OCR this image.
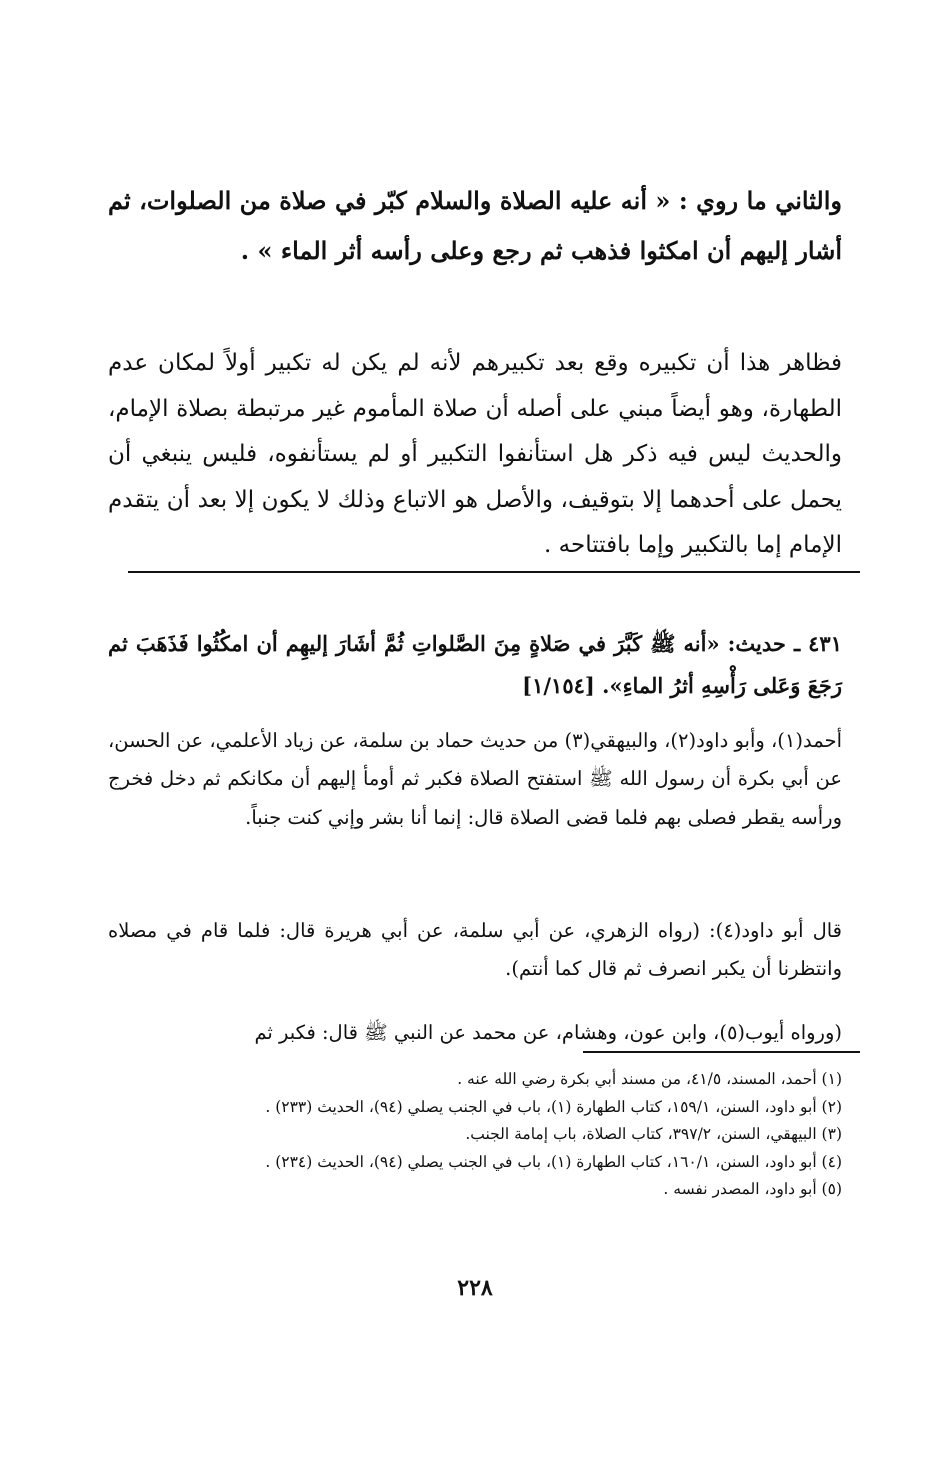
والثاني ما روي : « أنه عليه الصلاة والسلام كبّر في صلاة من الصلوات، ثم أشار إليهم أن امكثوا فذهب ثم رجع وعلى رأسه أثر الماء » .

فظاهر هذا أن تكبيره وقع بعد تكبيرهم لأنه لم يكن له تكبير أولاً لمكان عدم الطهارة، وهو أيضاً مبني على أصله أن صلاة المأموم غير مرتبطة بصلاة الإمام، والحديث ليس فيه ذكر هل استأنفوا التكبير أو لم يستأنفوه، فليس ينبغي أن يحمل على أحدهما إلا بتوقيف، والأصل هو الاتباع وذلك لا يكون إلا بعد أن يتقدم الإمام إما بالتكبير وإما بافتتاحه .

٤٣١ ـ حديث: «أنه ﷺ كَبَّرَ في صَلاةٍ مِنَ الصَّلواتِ ثُمَّ أشَارَ إليهِم أن امكُثُوا فَذَهَبَ ثم رَجَعَ وَعَلى رَأْسِهِ أثرُ الماءِ». [١/١٥٤]

أحمد(١)، وأبو داود(٢)، والبيهقي(٣) من حديث حماد بن سلمة، عن زياد الأعلمي، عن الحسن، عن أبي بكرة أن رسول الله ﷺ استفتح الصلاة فكبر ثم أومأ إليهم أن مكانكم ثم دخل فخرج ورأسه يقطر فصلى بهم فلما قضى الصلاة قال: إنما أنا بشر وإني كنت جنباً.

قال أبو داود(٤): (رواه الزهري، عن أبي سلمة، عن أبي هريرة قال: فلما قام في مصلاه وانتظرنا أن يكبر انصرف ثم قال كما أنتم).

(ورواه أيوب(٥)، وابن عون، وهشام، عن محمد عن النبي ﷺ قال: فكبر ثم

(١) أحمد، المسند، ٤١/٥، من مسند أبي بكرة رضي الله عنه .
(٢) أبو داود، السنن، ١٥٩/١، كتاب الطهارة (١)، باب في الجنب يصلي (٩٤)، الحديث (٢٣٣) .
(٣) البيهقي، السنن، ٣٩٧/٢، كتاب الصلاة، باب إمامة الجنب.
(٤) أبو داود، السنن، ١٦٠/١، كتاب الطهارة (١)، باب في الجنب يصلي (٩٤)، الحديث (٢٣٤) .
(٥) أبو داود، المصدر نفسه .
٢٢٨
